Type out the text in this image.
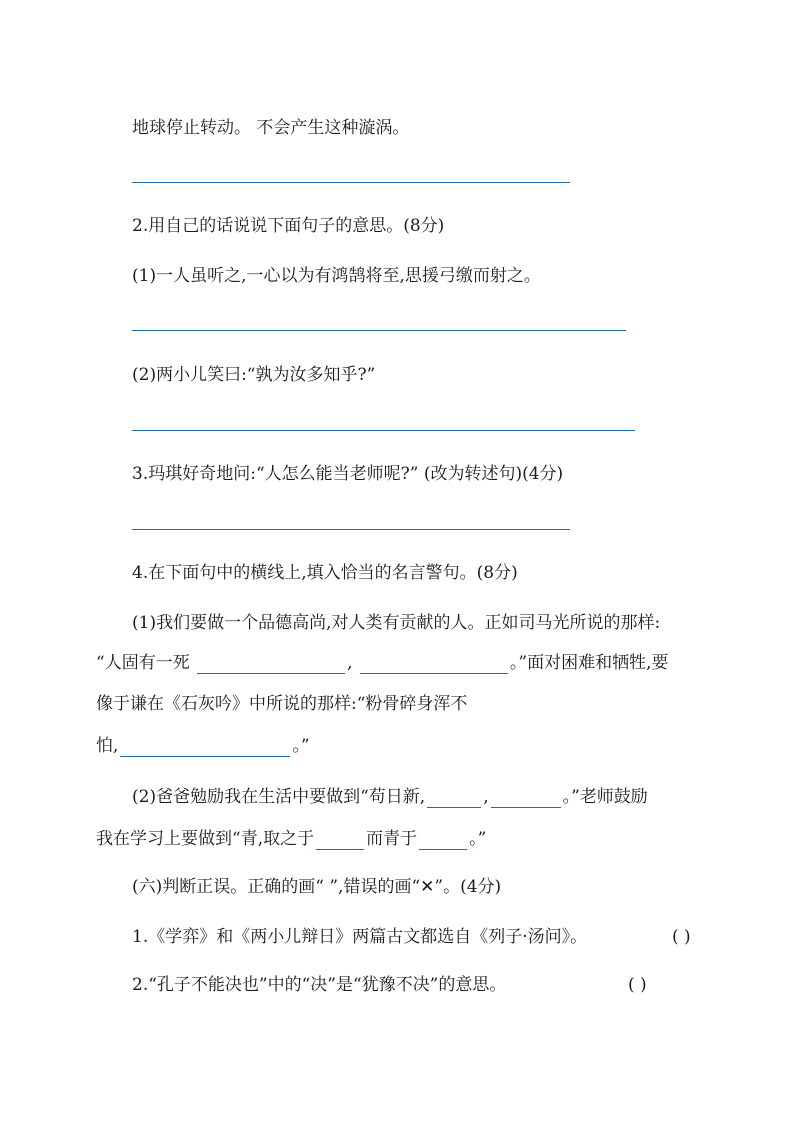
地球停止转动。 不会产生这种漩涡。
2.用自己的话说说下面句子的意思。(8分)
(1)一人虽听之,一心以为有鸿鹄将至,思援弓缴而射之。
(2)两小儿笑曰:“孰为汝多知乎?”
3.玛琪好奇地问:“人怎么能当老师呢?” (改为转述句)(4分)
4.在下面句中的横线上,填入恰当的名言警句。(8分)
(1)我们要做一个品德高尚,对人类有贡献的人。正如司马光所说的那样:
“人固有一死	,	。”面对困难和牺牲,要
像于谦在《石灰吟》中所说的那样:“粉骨碎身浑不
怕,	。”
(2)爸爸勉励我在生活中要做到“苟日新,	,	。”老师鼓励
我在学习上要做到“青,取之于	而青于	。”
(六)判断正误。正确的画“ ”,错误的画“✕”。(4分)
1.《学弈》和《两小儿辩日》两篇古文都选自《列子·汤问》。	( )
2.“孔子不能决也”中的“决”是“犹豫不决”的意思。	( )
